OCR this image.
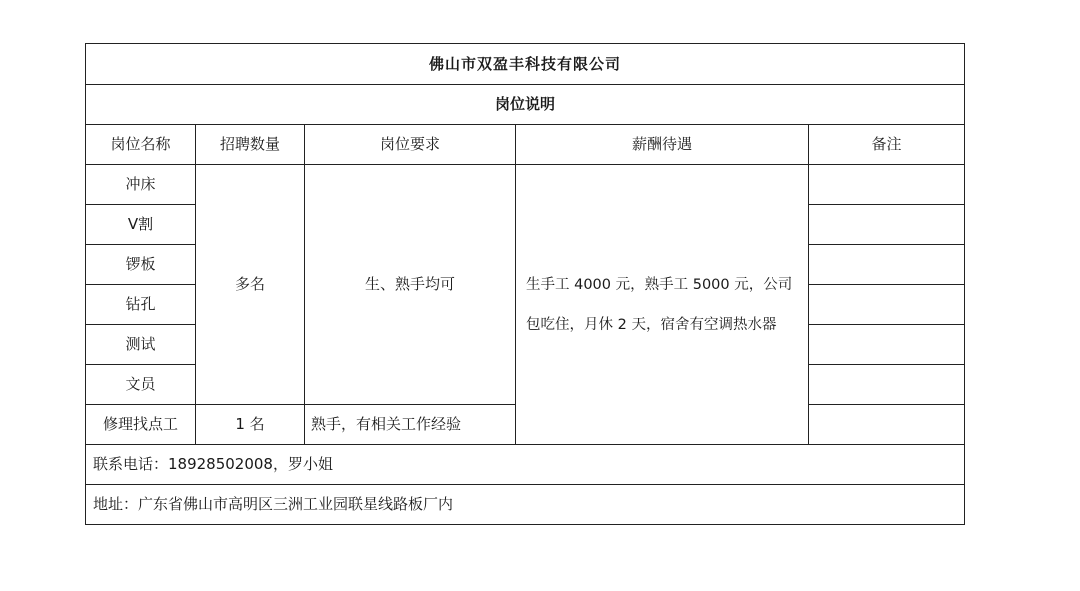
佛山市双盈丰科技有限公司				
岗位说明				
岗位名称	招聘数量	岗位要求	薪酬待遇	备注
冲床	多名	生、熟手均可	生手工 4000 元，熟手工 5000 元，公司包吃住，月休 2 天，宿舍有空调热水器	
V割				
锣板				
钻孔				
测试				
文员				
修理找点工	1 名	熟手，有相关工作经验		
联系电话：18928502008，罗小姐				
地址：广东省佛山市高明区三洲工业园联星线路板厂内				
